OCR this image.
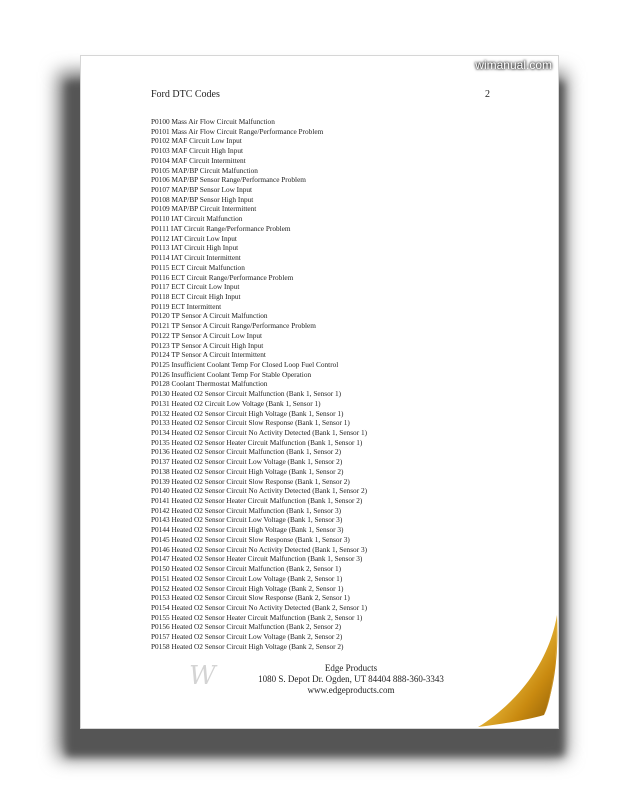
wimanual.com
Ford DTC Codes	2
P0100 Mass Air Flow Circuit Malfunction
P0101 Mass Air Flow Circuit Range/Performance Problem
P0102 MAF Circuit Low Input
P0103 MAF Circuit High Input
P0104 MAF Circuit Intermittent
P0105 MAP/BP Circuit Malfunction
P0106 MAP/BP Sensor Range/Performance Problem
P0107 MAP/BP Sensor Low Input
P0108 MAP/BP Sensor High Input
P0109 MAP/BP Circuit Intermittent
P0110 IAT Circuit Malfunction
P0111 IAT Circuit Range/Performance Problem
P0112 IAT Circuit Low Input
P0113 IAT Circuit High Input
P0114 IAT Circuit Intermittent
P0115 ECT Circuit Malfunction
P0116 ECT Circuit Range/Performance Problem
P0117 ECT Circuit Low Input
P0118 ECT Circuit High Input
P0119 ECT Intermittent
P0120 TP Sensor A Circuit Malfunction
P0121 TP Sensor A Circuit Range/Performance Problem
P0122 TP Sensor A Circuit Low Input
P0123 TP Sensor A Circuit High Input
P0124 TP Sensor A Circuit Intermittent
P0125 Insufficient Coolant Temp For Closed Loop Fuel Control
P0126 Insufficient Coolant Temp For Stable Operation
P0128 Coolant Thermostat Malfunction
P0130 Heated O2 Sensor Circuit Malfunction (Bank 1, Sensor 1)
P0131 Heated O2 Circuit Low Voltage (Bank 1, Sensor 1)
P0132 Heated O2 Sensor Circuit High Voltage (Bank 1, Sensor 1)
P0133 Heated O2 Sensor Circuit Slow Response (Bank 1, Sensor 1)
P0134 Heated O2 Sensor Circuit No Activity Detected (Bank 1, Sensor 1)
P0135 Heated O2 Sensor Heater Circuit Malfunction (Bank 1, Sensor 1)
P0136 Heated O2 Sensor Circuit Malfunction (Bank 1, Sensor 2)
P0137 Heated O2 Sensor Circuit Low Voltage (Bank 1, Sensor 2)
P0138 Heated O2 Sensor Circuit High Voltage (Bank 1, Sensor 2)
P0139 Heated O2 Sensor Circuit Slow Response (Bank 1, Sensor 2)
P0140 Heated O2 Sensor Circuit No Activity Detected (Bank 1, Sensor 2)
P0141 Heated O2 Sensor Heater Circuit Malfunction (Bank 1, Sensor 2)
P0142 Heated O2 Sensor Circuit Malfunction (Bank 1, Sensor 3)
P0143 Heated O2 Sensor Circuit Low Voltage (Bank 1, Sensor 3)
P0144 Heated O2 Sensor Circuit High Voltage (Bank 1, Sensor 3)
P0145 Heated O2 Sensor Circuit Slow Response (Bank 1, Sensor 3)
P0146 Heated O2 Sensor Circuit No Activity Detected (Bank 1, Sensor 3)
P0147 Heated O2 Sensor Heater Circuit Malfunction (Bank 1, Sensor 3)
P0150 Heated O2 Sensor Circuit Malfunction (Bank 2, Sensor 1)
P0151 Heated O2 Sensor Circuit Low Voltage (Bank 2, Sensor 1)
P0152 Heated O2 Sensor Circuit High Voltage (Bank 2, Sensor 1)
P0153 Heated O2 Sensor Circuit Slow Response (Bank 2, Sensor 1)
P0154 Heated O2 Sensor Circuit No Activity Detected (Bank 2, Sensor 1)
P0155 Heated O2 Sensor Heater Circuit Malfunction (Bank 2, Sensor 1)
P0156 Heated O2 Sensor Circuit Malfunction (Bank 2, Sensor 2)
P0157 Heated O2 Sensor Circuit Low Voltage (Bank 2, Sensor 2)
P0158 Heated O2 Sensor Circuit High Voltage (Bank 2, Sensor 2)
W	Edge Products
1080 S. Depot Dr. Ogden, UT 84404 888-360-3343
www.edgeproducts.com
